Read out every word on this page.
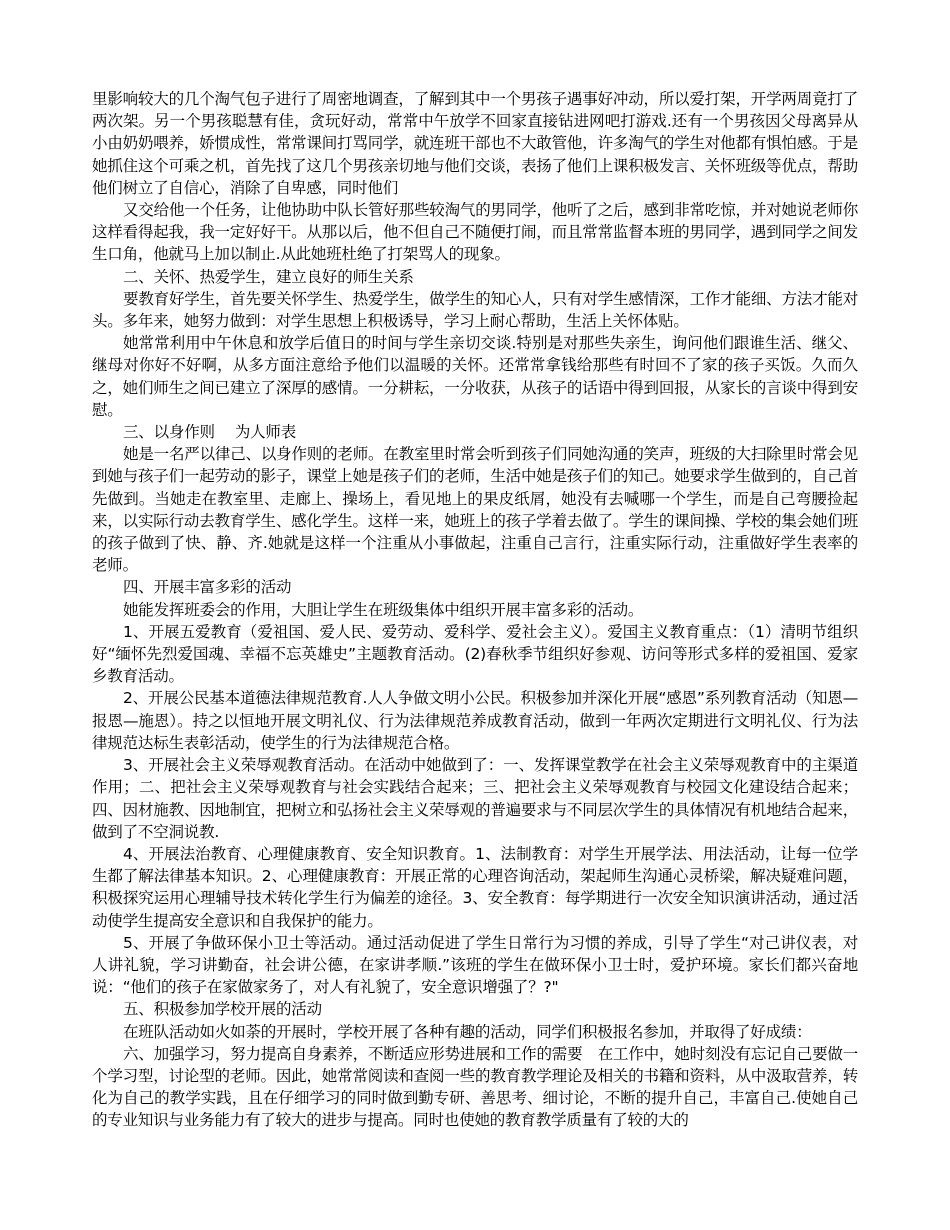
里影响较大的几个淘气包子进行了周密地调查，了解到其中一个男孩子遇事好冲动，所以爱打架，开学两周竟打了两次架。另一个男孩聪慧有佳，贪玩好动，常常中午放学不回家直接钻进网吧打游戏.还有一个男孩因父母离异从小由奶奶喂养，娇惯成性，常常课间打骂同学，就连班干部也不大敢管他，许多淘气的学生对他都有惧怕感。于是她抓住这个可乘之机，首先找了这几个男孩亲切地与他们交谈，表扬了他们上课积极发言、关怀班级等优点，帮助他们树立了自信心，消除了自卑感，同时他们

又交给他一个任务，让他协助中队长管好那些较淘气的男同学，他听了之后，感到非常吃惊，并对她说老师你这样看得起我，我一定好好干。从那以后，他不但自己不随便打闹，而且常常监督本班的男同学，遇到同学之间发生口角，他就马上加以制止.从此她班杜绝了打架骂人的现象。

二、关怀、热爱学生，建立良好的师生关系

要教育好学生，首先要关怀学生、热爱学生，做学生的知心人，只有对学生感情深，工作才能细、方法才能对头。多年来，她努力做到：对学生思想上积极诱导，学习上耐心帮助，生活上关怀体贴。

她常常利用中午休息和放学后值日的时间与学生亲切交谈.特别是对那些失亲生，询问他们跟谁生活、继父、继母对你好不好啊，从多方面注意给予他们以温暖的关怀。还常常拿钱给那些有时回不了家的孩子买饭。久而久之，她们师生之间已建立了深厚的感情。一分耕耘，一分收获，从孩子的话语中得到回报，从家长的言谈中得到安慰。

三、以身作则　 为人师表

她是一名严以律己、以身作则的老师。在教室里时常会听到孩子们同她沟通的笑声，班级的大扫除里时常会见到她与孩子们一起劳动的影子，课堂上她是孩子们的老师，生活中她是孩子们的知己。她要求学生做到的，自己首先做到。当她走在教室里、走廊上、操场上，看见地上的果皮纸屑，她没有去喊哪一个学生，而是自己弯腰捡起来，以实际行动去教育学生、感化学生。这样一来，她班上的孩子学着去做了。学生的课间操、学校的集会她们班的孩子做到了快、静、齐.她就是这样一个注重从小事做起，注重自己言行，注重实际行动，注重做好学生表率的老师。

四、开展丰富多彩的活动

她能发挥班委会的作用，大胆让学生在班级集体中组织开展丰富多彩的活动。

1、开展五爱教育（爱祖国、爱人民、爱劳动、爱科学、爱社会主义）。爱国主义教育重点：（1）清明节组织好“缅怀先烈爱国魂、幸福不忘英雄史”主题教育活动。(2)春秋季节组织好参观、访问等形式多样的爱祖国、爱家乡教育活动。

2、开展公民基本道德法律规范教育.人人争做文明小公民。积极参加并深化开展“感恩”系列教育活动（知恩—报恩—施恩）。持之以恒地开展文明礼仪、行为法律规范养成教育活动，做到一年两次定期进行文明礼仪、行为法律规范达标生表彰活动，使学生的行为法律规范合格。

3、开展社会主义荣辱观教育活动。在活动中她做到了：一、发挥课堂教学在社会主义荣辱观教育中的主渠道作用；二、把社会主义荣辱观教育与社会实践结合起来；三、把社会主义荣辱观教育与校园文化建设结合起来；四、因材施教、因地制宜，把树立和弘扬社会主义荣辱观的普遍要求与不同层次学生的具体情况有机地结合起来，做到了不空洞说教.

4、开展法治教育、心理健康教育、安全知识教育。1、法制教育：对学生开展学法、用法活动，让每一位学生都了解法律基本知识。2、心理健康教育：开展正常的心理咨询活动，架起师生沟通心灵桥梁，解决疑难问题，积极探究运用心理辅导技术转化学生行为偏差的途径。3、安全教育：每学期进行一次安全知识演讲活动，通过活动使学生提高安全意识和自我保护的能力。

5、开展了争做环保小卫士等活动。通过活动促进了学生日常行为习惯的养成，引导了学生“对己讲仪表，对人讲礼貌，学习讲勤奋，社会讲公德，在家讲孝顺.”该班的学生在做环保小卫士时，爱护环境。家长们都兴奋地说：“他们的孩子在家做家务了，对人有礼貌了，安全意识增强了？?"

五、积极参加学校开展的活动

在班队活动如火如荼的开展时，学校开展了各种有趣的活动，同学们积极报名参加，并取得了好成绩：

六、加强学习，努力提高自身素养，不断适应形势进展和工作的需要　在工作中，她时刻没有忘记自己要做一个学习型，讨论型的老师。因此，她常常阅读和查阅一些的教育教学理论及相关的书籍和资料，从中汲取营养，转化为自己的教学实践，且在仔细学习的同时做到勤专研、善思考、细讨论，不断的提升自己，丰富自己.使她自己的专业知识与业务能力有了较大的进步与提高。同时也使她的教育教学质量有了较的大的
